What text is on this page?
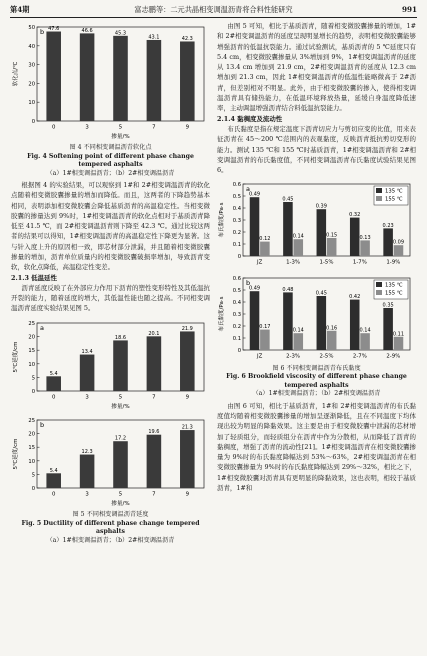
第4期	富志鹏等：二元共晶相变调温沥青将合料性能研究	991
b
0
10
20
30
40
50
软化点/℃
0
47.6
3
46.6
5
45.3
7
43.1
9
42.3
掺量/%
图 4 不同相变调温沥青软化点
Fig. 4 Softening point of different phase change tempered asphalts
（a）1#相变调温沥青；（b）2#相变调温沥青
根据图 4 的实验结果，可以观察到 1#和 2#相变调温沥青的软化点随着相变微胶囊掺量的增加而降低。而且，这两者的下降趋势基本相同，表明添加相变微胶囊会降低基质沥青的高温稳定性。当相变微胶囊的掺量达到 9%时，1#相变调温沥青的软化点相对于基质沥青降低至 41.5 ℃，而 2#相变调温沥青则下降至 42.3 ℃。通过比较这两者的结果可以得知，1#相变调温沥青的高温稳定性下降更为显著。这与针入度上升的原因相一致，即芯材部分泄漏，并且随着相变微胶囊掺量的增加，沥青单位质量内的相变微胶囊破损率增加，导致沥青变软，软化点降低，高温稳定性变差。
2.1.3 低温延性
沥青延度反映了在外部应力作用下沥青的塑性变形特性及其低温抗开裂的能力，随着延度的增大，其低温性能也随之提高。不同相变调温沥青延度实验结果见图 5。
a
0
5
10
15
20
25
5℃延度/cm
0
5.4
3
13.4
5
18.6
7
20.1
9
21.9
掺量/%

b
0
5
10
15
20
25
5℃延度/cm
0
5.4
3
12.3
5
17.2
7
19.6
9
21.3
掺量/%
图 5 不同相变调温沥青延度
Fig. 5 Ductility of different phase change tempered asphalts
（a）1#相变调温沥青；（b）2#相变调温沥青
由图 5 可知，相比于基质沥青，随着相变微胶囊掺量的增加，1#和 2#相变调温沥青的延度呈现明显增长的趋势，表明相变微胶囊能够增强沥青的低温抗裂能力。通过试验测试，基质沥青的 5 ℃延度只有 5.4 cm，相变微胶囊掺量从 3%增加到 9%，1#相变调温沥青的延度从 13.4 cm 增加到 21.9 cm，2#相变调温沥青的延度从 12.3 cm 增加到 21.3 cm，因此 1#相变调温沥青的低温性能略微高于 2#沥青，但差别相对不明显。此外，由于相变微胶囊的掺入，使得相变调温沥青具有储热能力，在低温环境释放热量，延缓自身温度降低速率，主动调温增强沥青结合料低温抗裂能力。
2.1.4 黏稠度及流动性
布氏黏度是指在规定温度下沥青切应力与剪切应变的比值，用来表征沥青在 45～200 ℃范围内的表观黏度，反映沥青抵抗剪切变形的能力。测试 135 ℃和 155 ℃时基质沥青，1#相变调温沥青和 2#相变调温沥青的布氏黏度值，不同相变调温沥青布氏黏度试验结果见图 6。
a
0
0.1
0.2
0.3
0.4
0.5
0.6
布氏黏度/Pa·s
JZ
0.49
0.12
1-3%
0.45
0.14
1-5%
0.39
0.15
1-7%
0.32
0.13
1-9%
0.23
0.09
135 ℃
155 ℃

b
0
0.1
0.2
0.3
0.4
0.5
0.6
布氏黏度/Pa·s
JZ
0.49
0.17
2-3%
0.48
0.14
2-5%
0.45
0.16
2-7%
0.42
0.14
2-9%
0.35
0.11
135 ℃
155 ℃
图 6 不同相变调温沥青布氏黏度
Fig. 6 Brookfield viscosity of different phase change tempered asphalts
（a）1#相变调温沥青；（b）2#相变调温沥青
由图 6 可知，相比于基质沥青，1#和 2#相变调温沥青的布氏黏度值均随着相变微胶囊掺量的增加呈逐渐降低，且在不同温度下均体现出较为明显的降黏效果。这主要是由于相变微胶囊中泄漏的芯材增加了轻质组分，而轻质组分在沥青中作为分散相，从而降低了沥青的黏稠度，增强了沥青的流动性[21]。1#相变调温沥青在相变微胶囊掺量为 9%时的布氏黏度降幅达到 53%～63%，2#相变调温沥青在相变微胶囊掺量为 9%时的布氏黏度降幅达到 29%～32%，相比之下，1#相变微胶囊对沥青具有更明显的降黏效果，这也表明，相较于基质沥青，1#和
